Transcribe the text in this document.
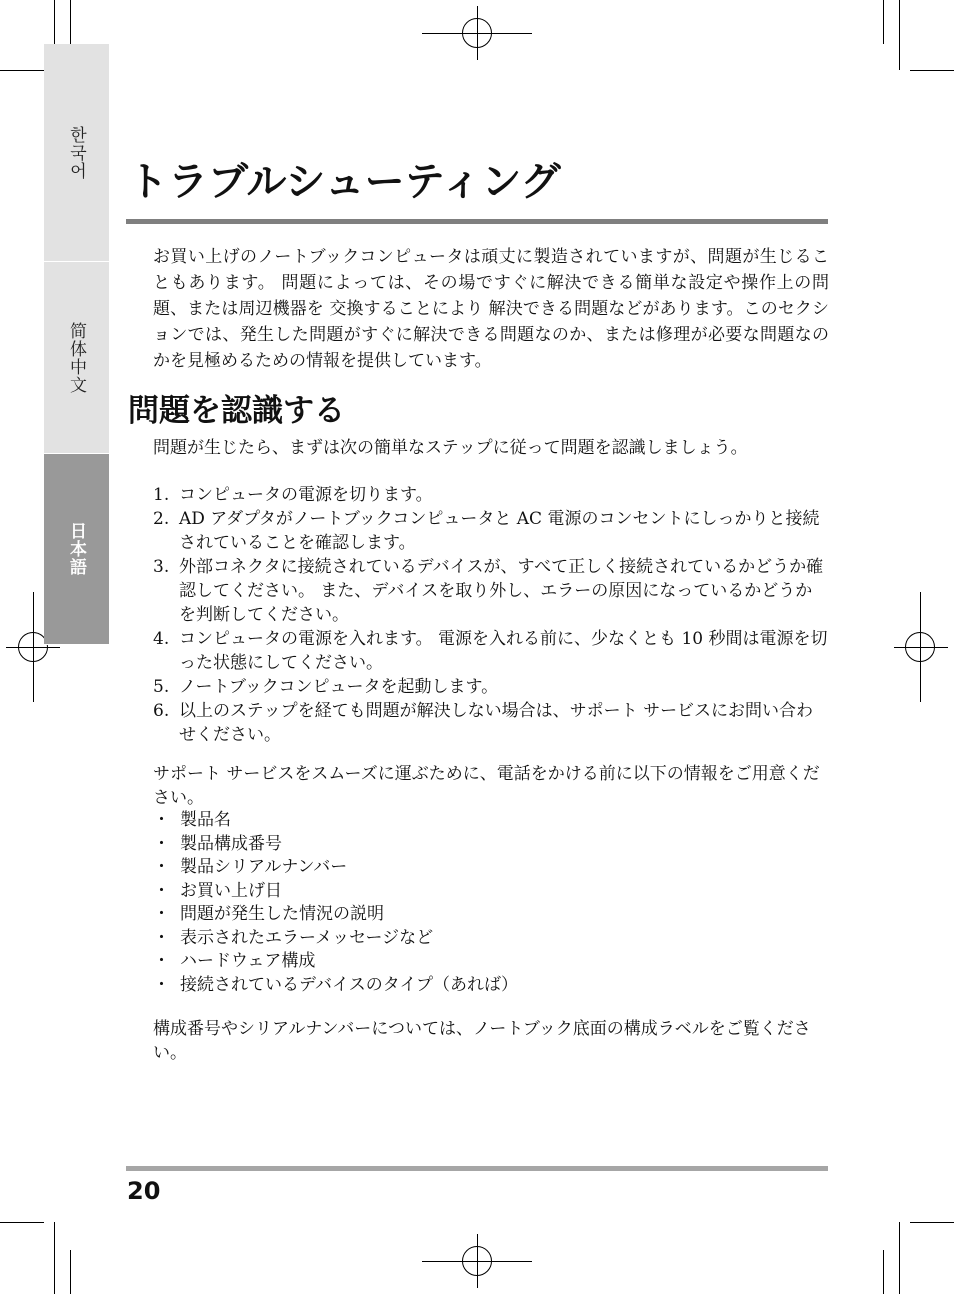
한국어
简体中文
日本語
トラブルシューティング

お買い上げのノートブックコンピュータは頑丈に製造されていますが、問題が生じることもあります。 問題によっては、その場ですぐに解決できる簡単な設定や操作上の問題、または周辺機器を 交換することにより 解決できる問題などがあります。このセクションでは、発生した問題がすぐに解決できる問題なのか、または修理が必要な問題なのかを見極めるための情報を提供しています。

問題を認識する

問題が生じたら、まずは次の簡単なステップに従って問題を認識しましょう。

1. コンピュータの電源を切ります。
2. AD アダプタがノートブックコンピュータと AC 電源のコンセントにしっかりと接続されていることを確認します。
3. 外部コネクタに接続されているデバイスが、すべて正しく接続されているかどうか確認してください。 また、デバイスを取り外し、エラーの原因になっているかどうかを判断してください。
4. コンピュータの電源を入れます。 電源を入れる前に、少なくとも 10 秒間は電源を切った状態にしてください。
5. ノートブックコンピュータを起動します。
6. 以上のステップを経ても問題が解決しない場合は、サポート サービスにお問い合わせください。

サポート サービスをスムーズに運ぶために、電話をかける前に以下の情報をご用意ください。

・ 製品名
・ 製品構成番号
・ 製品シリアルナンバー
・ お買い上げ日
・ 問題が発生した情況の説明
・ 表示されたエラーメッセージなど
・ ハードウェア構成
・ 接続されているデバイスのタイプ（あれば）

構成番号やシリアルナンバーについては、ノートブック底面の構成ラベルをご覧ください。

20
